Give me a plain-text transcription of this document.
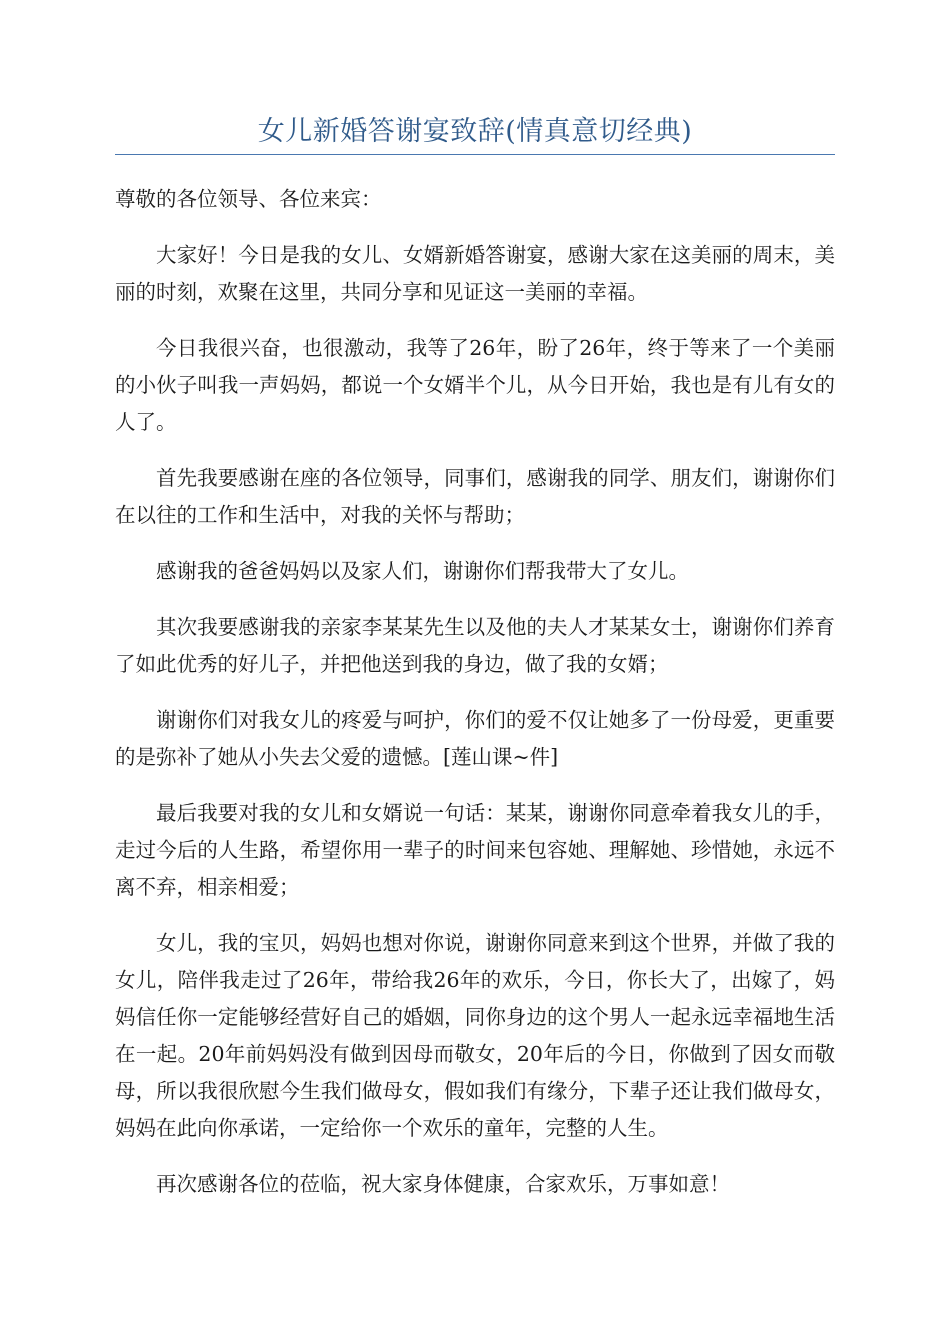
女儿新婚答谢宴致辞(情真意切经典)

尊敬的各位领导、各位来宾：

大家好！今日是我的女儿、女婿新婚答谢宴，感谢大家在这美丽的周末，美丽的时刻，欢聚在这里，共同分享和见证这一美丽的幸福。

今日我很兴奋，也很激动，我等了26年，盼了26年，终于等来了一个美丽的小伙子叫我一声妈妈，都说一个女婿半个儿，从今日开始，我也是有儿有女的人了。

首先我要感谢在座的各位领导，同事们，感谢我的同学、朋友们，谢谢你们在以往的工作和生活中，对我的关怀与帮助；

感谢我的爸爸妈妈以及家人们，谢谢你们帮我带大了女儿。

其次我要感谢我的亲家李某某先生以及他的夫人才某某女士，谢谢你们养育了如此优秀的好儿子，并把他送到我的身边，做了我的女婿；

谢谢你们对我女儿的疼爱与呵护，你们的爱不仅让她多了一份母爱，更重要的是弥补了她从小失去父爱的遗憾。[莲山课~件]

最后我要对我的女儿和女婿说一句话：某某，谢谢你同意牵着我女儿的手，走过今后的人生路，希望你用一辈子的时间来包容她、理解她、珍惜她，永远不离不弃，相亲相爱；

女儿，我的宝贝，妈妈也想对你说，谢谢你同意来到这个世界，并做了我的女儿，陪伴我走过了26年，带给我26年的欢乐，今日，你长大了，出嫁了，妈妈信任你一定能够经营好自己的婚姻，同你身边的这个男人一起永远幸福地生活在一起。20年前妈妈没有做到因母而敬女，20年后的今日，你做到了因女而敬母，所以我很欣慰今生我们做母女，假如我们有缘分，下辈子还让我们做母女，妈妈在此向你承诺，一定给你一个欢乐的童年，完整的人生。

再次感谢各位的莅临，祝大家身体健康，合家欢乐，万事如意！
